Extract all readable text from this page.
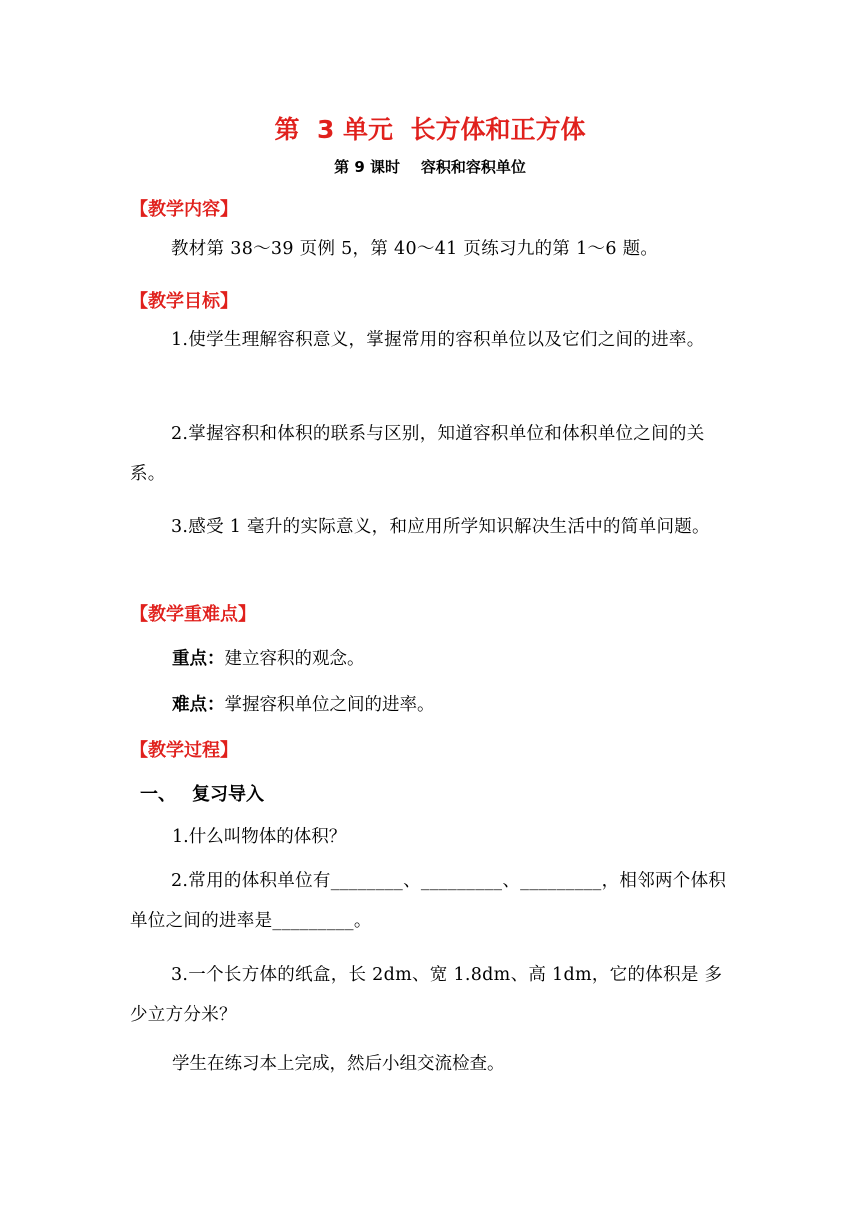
第  3 单元  长方体和正方体
第 9 课时    容积和容积单位
【教学内容】
教材第 38～39 页例 5，第 40～41 页练习九的第 1～6 题。
【教学目标】
1.使学生理解容积意义，掌握常用的容积单位以及它们之间的进率。
2.掌握容积和体积的联系与区别，知道容积单位和体积单位之间的关系。
3.感受 1 毫升的实际意义，和应用所学知识解决生活中的简单问题。
【教学重难点】
重点：建立容积的观念。
难点：掌握容积单位之间的进率。
【教学过程】
一、 复习导入
1.什么叫物体的体积？
2.常用的体积单位有________、_________、_________，相邻两个体积单位之间的进率是_________。
3.一个长方体的纸盒，长 2dm、宽 1.8dm、高 1dm，它的体积是 多少立方分米？
学生在练习本上完成，然后小组交流检查。
